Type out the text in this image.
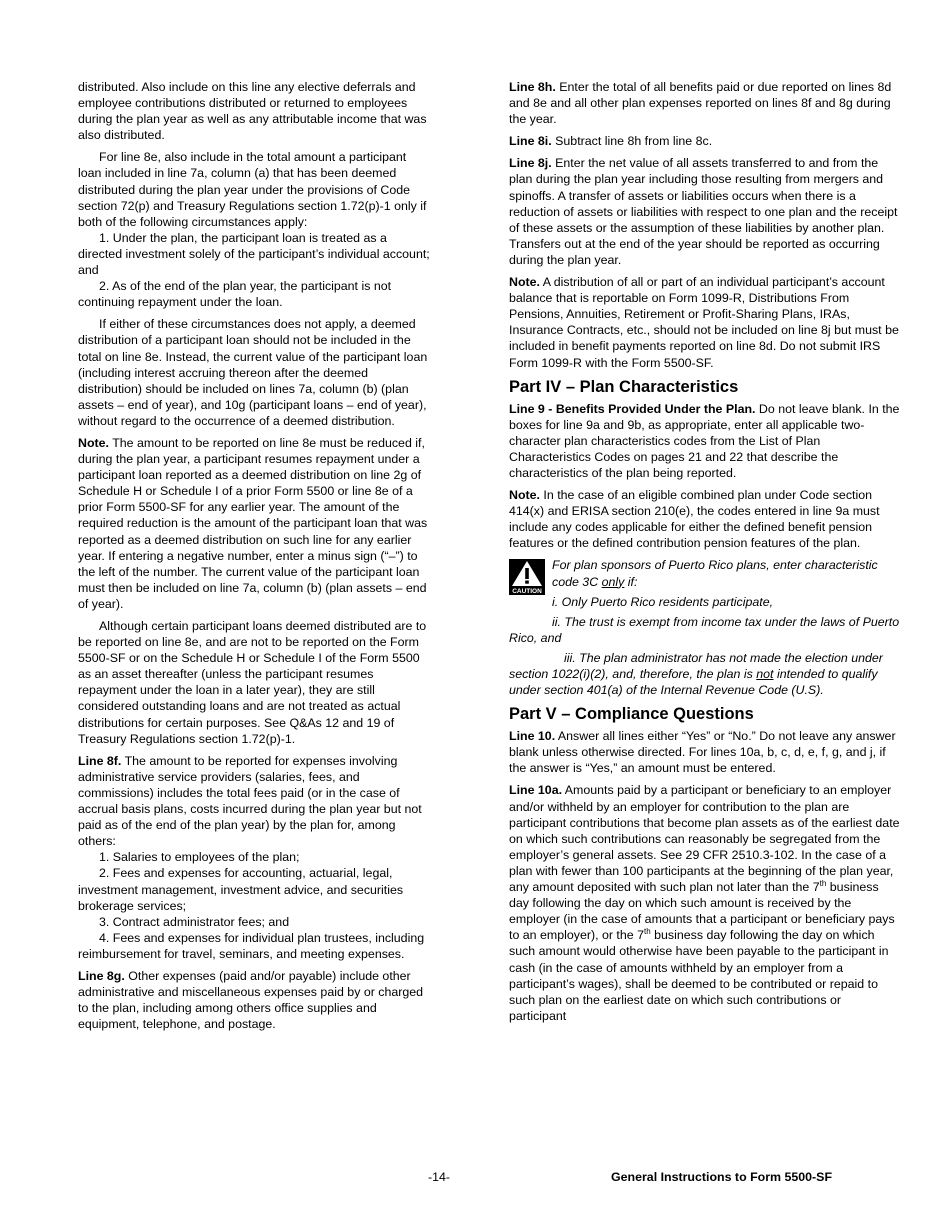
distributed. Also include on this line any elective deferrals and employee contributions distributed or returned to employees during the plan year as well as any attributable income that was also distributed.

For line 8e, also include in the total amount a participant loan included in line 7a, column (a) that has been deemed distributed during the plan year under the provisions of Code section 72(p) and Treasury Regulations section 1.72(p)-1 only if both of the following circumstances apply:

1. Under the plan, the participant loan is treated as a directed investment solely of the participant’s individual account; and

2. As of the end of the plan year, the participant is not continuing repayment under the loan.

If either of these circumstances does not apply, a deemed distribution of a participant loan should not be included in the total on line 8e. Instead, the current value of the participant loan (including interest accruing thereon after the deemed distribution) should be included on lines 7a, column (b) (plan assets – end of year), and 10g (participant loans – end of year), without regard to the occurrence of a deemed distribution.

Note. The amount to be reported on line 8e must be reduced if, during the plan year, a participant resumes repayment under a participant loan reported as a deemed distribution on line 2g of Schedule H or Schedule I of a prior Form 5500 or line 8e of a prior Form 5500-SF for any earlier year. The amount of the required reduction is the amount of the participant loan that was reported as a deemed distribution on such line for any earlier year. If entering a negative number, enter a minus sign (“–”) to the left of the number. The current value of the participant loan must then be included on line 7a, column (b) (plan assets – end of year).

Although certain participant loans deemed distributed are to be reported on line 8e, and are not to be reported on the Form 5500-SF or on the Schedule H or Schedule I of the Form 5500 as an asset thereafter (unless the participant resumes repayment under the loan in a later year), they are still considered outstanding loans and are not treated as actual distributions for certain purposes. See Q&As 12 and 19 of Treasury Regulations section 1.72(p)-1.

Line 8f. The amount to be reported for expenses involving administrative service providers (salaries, fees, and commissions) includes the total fees paid (or in the case of accrual basis plans, costs incurred during the plan year but not paid as of the end of the plan year) by the plan for, among others:

1. Salaries to employees of the plan;

2. Fees and expenses for accounting, actuarial, legal, investment management, investment advice, and securities brokerage services;

3. Contract administrator fees; and

4. Fees and expenses for individual plan trustees, including reimbursement for travel, seminars, and meeting expenses.

Line 8g. Other expenses (paid and/or payable) include other administrative and miscellaneous expenses paid by or charged to the plan, including among others office supplies and equipment, telephone, and postage.

Line 8h. Enter the total of all benefits paid or due reported on lines 8d and 8e and all other plan expenses reported on lines 8f and 8g during the year.

Line 8i. Subtract line 8h from line 8c.

Line 8j. Enter the net value of all assets transferred to and from the plan during the plan year including those resulting from mergers and spinoffs. A transfer of assets or liabilities occurs when there is a reduction of assets or liabilities with respect to one plan and the receipt of these assets or the assumption of these liabilities by another plan. Transfers out at the end of the year should be reported as occurring during the plan year.

Note. A distribution of all or part of an individual participant’s account balance that is reportable on Form 1099-R, Distributions From Pensions, Annuities, Retirement or Profit-Sharing Plans, IRAs, Insurance Contracts, etc., should not be included on line 8j but must be included in benefit payments reported on line 8d. Do not submit IRS Form 1099-R with the Form 5500-SF.

Part IV – Plan Characteristics

Line 9 - Benefits Provided Under the Plan. Do not leave blank. In the boxes for line 9a and 9b, as appropriate, enter all applicable two-character plan characteristics codes from the List of Plan Characteristics Codes on pages 21 and 22 that describe the characteristics of the plan being reported.

Note. In the case of an eligible combined plan under Code section 414(x) and ERISA section 210(e), the codes entered in line 9a must include any codes applicable for either the defined benefit pension features or the defined contribution pension features of the plan.

CAUTION

For plan sponsors of Puerto Rico plans, enter characteristic code 3C only if:

i. Only Puerto Rico residents participate,

ii. The trust is exempt from income tax under the laws of Puerto Rico, and

iii. The plan administrator has not made the election under section 1022(i)(2), and, therefore, the plan is not intended to qualify under section 401(a) of the Internal Revenue Code (U.S).

Part V – Compliance Questions

Line 10. Answer all lines either “Yes” or “No.” Do not leave any answer blank unless otherwise directed. For lines 10a, b, c, d, e, f, g, and j, if the answer is “Yes,” an amount must be entered.

Line 10a. Amounts paid by a participant or beneficiary to an employer and/or withheld by an employer for contribution to the plan are participant contributions that become plan assets as of the earliest date on which such contributions can reasonably be segregated from the employer’s general assets. See 29 CFR 2510.3-102. In the case of a plan with fewer than 100 participants at the beginning of the plan year, any amount deposited with such plan not later than the 7th business day following the day on which such amount is received by the employer (in the case of amounts that a participant or beneficiary pays to an employer), or the 7th business day following the day on which such amount would otherwise have been payable to the participant in cash (in the case of amounts withheld by an employer from a participant’s wages), shall be deemed to be contributed or repaid to such plan on the earliest date on which such contributions or participant

-14-	General Instructions to Form 5500-SF
